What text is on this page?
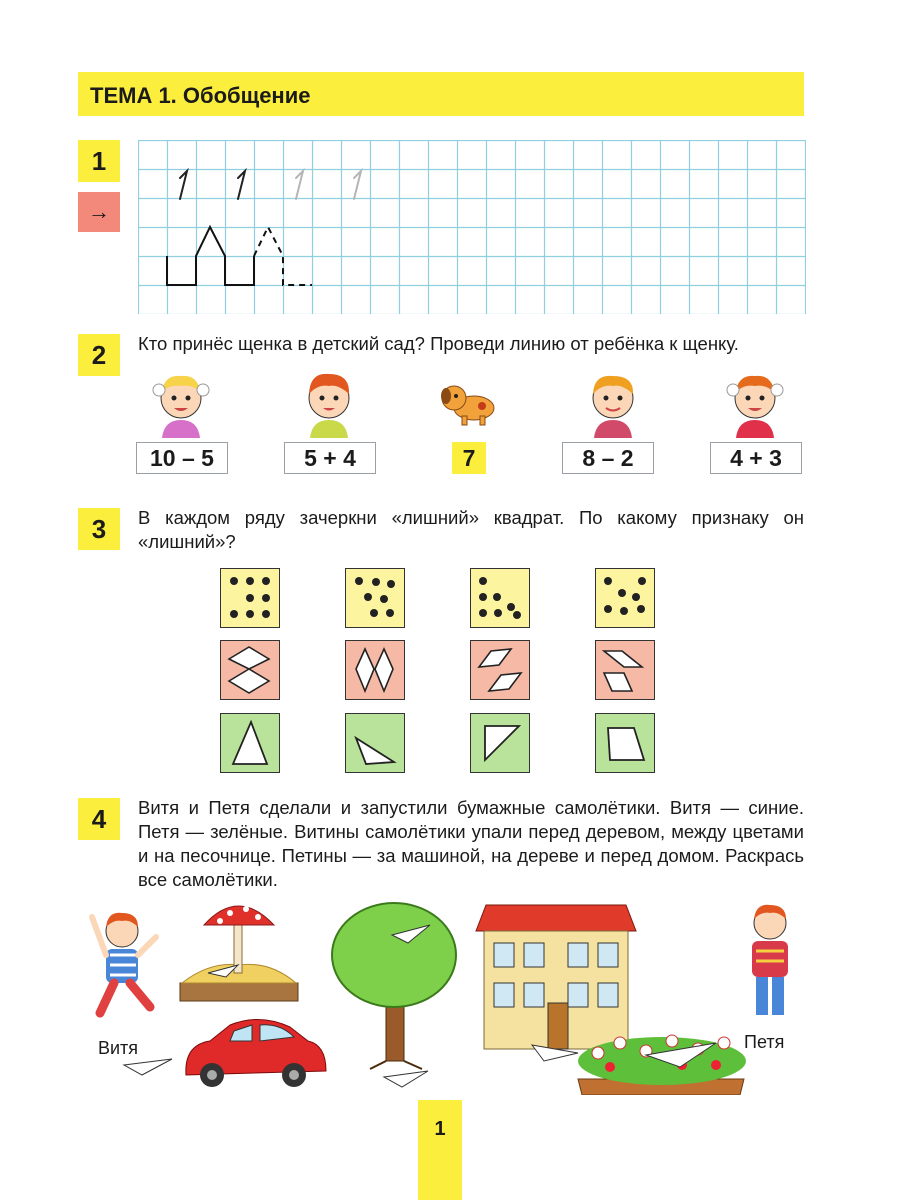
ТЕМА 1. Обобщение
1
→
2	Кто принёс щенка в детский сад? Проведи линию от ребёнка к щенку.
10 – 5	5 + 4	7	8 – 2	4 + 3
3	В каждом ряду зачеркни «лишний» квадрат. По какому признаку он «лишний»?
4	Витя и Петя сделали и запустили бумажные самолётики. Витя — синие. Петя — зелёные. Витины самолётики упали перед деревом, между цветами и на песочнице. Петины — за машиной, на дереве и перед домом. Раскрась все самолётики.
Витя	Петя
1
